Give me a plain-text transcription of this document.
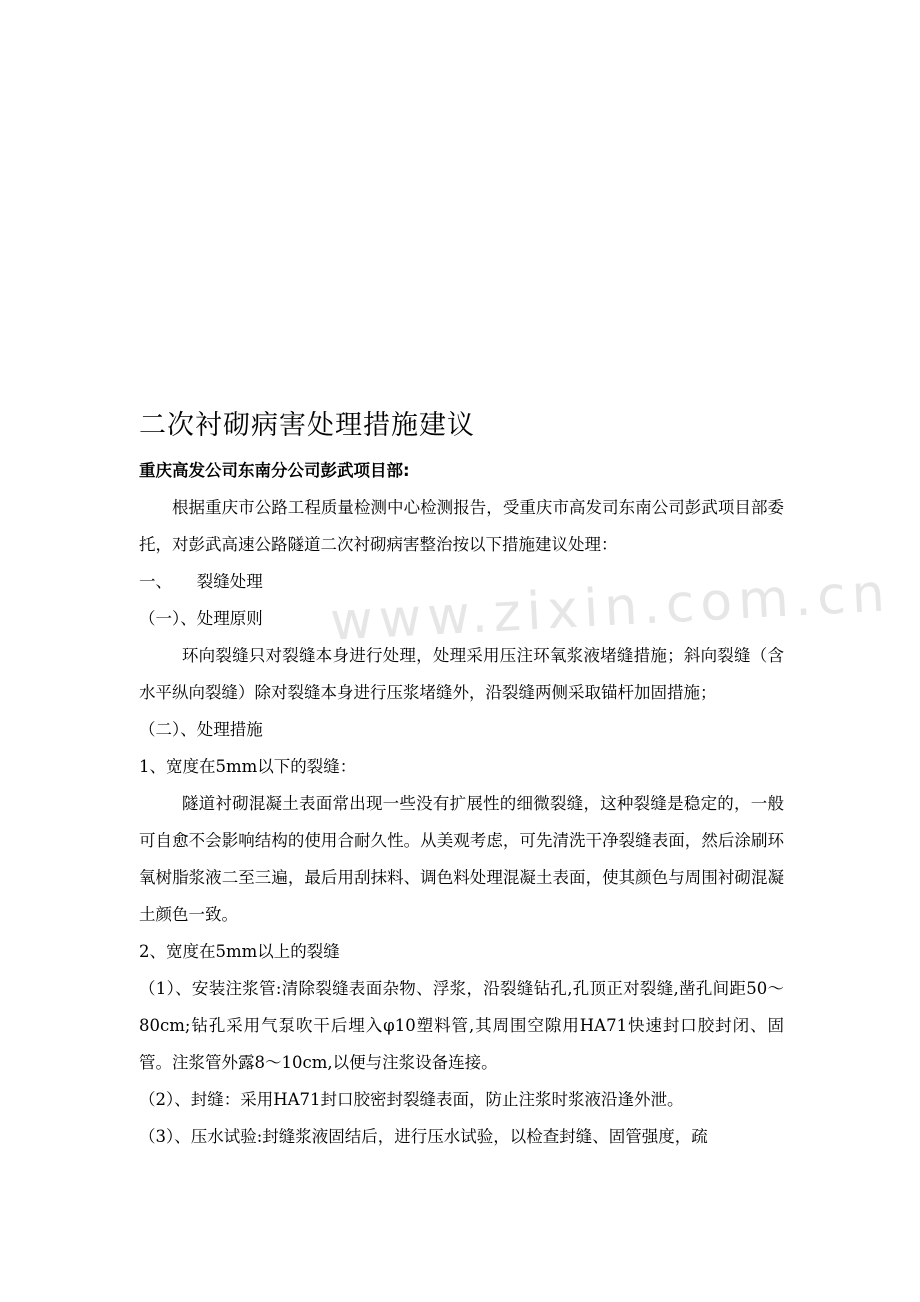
www.zixin.com.cn
二次衬砌病害处理措施建议

重庆高发公司东南分公司彭武项目部:

根据重庆市公路工程质量检测中心检测报告，受重庆市高发司东南公司彭武项目部委托，对彭武高速公路隧道二次衬砌病害整治按以下措施建议处理：

一、　　裂缝处理

（一）、处理原则

环向裂缝只对裂缝本身进行处理，处理采用压注环氧浆液堵缝措施；斜向裂缝（含水平纵向裂缝）除对裂缝本身进行压浆堵缝外，沿裂缝两侧采取锚杆加固措施；

（二）、处理措施

1、宽度在5mm以下的裂缝：

隧道衬砌混凝土表面常出现一些没有扩展性的细微裂缝，这种裂缝是稳定的，一般可自愈不会影响结构的使用合耐久性。从美观考虑，可先清洗干净裂缝表面，然后涂刷环氧树脂浆液二至三遍，最后用刮抹料、调色料处理混凝土表面，使其颜色与周围衬砌混凝土颜色一致。

2、宽度在5mm以上的裂缝

（1）、安装注浆管:清除裂缝表面杂物、浮浆，沿裂缝钻孔,孔顶正对裂缝,凿孔间距50～80cm;钻孔采用气泵吹干后埋入φ10塑料管,其周围空隙用HA71快速封口胶封闭、固管。注浆管外露8～10cm,以便与注浆设备连接。

（2）、封缝：采用HA71封口胶密封裂缝表面，防止注浆时浆液沿逢外泄。

（3）、压水试验:封缝浆液固结后，进行压水试验，以检查封缝、固管强度，疏
